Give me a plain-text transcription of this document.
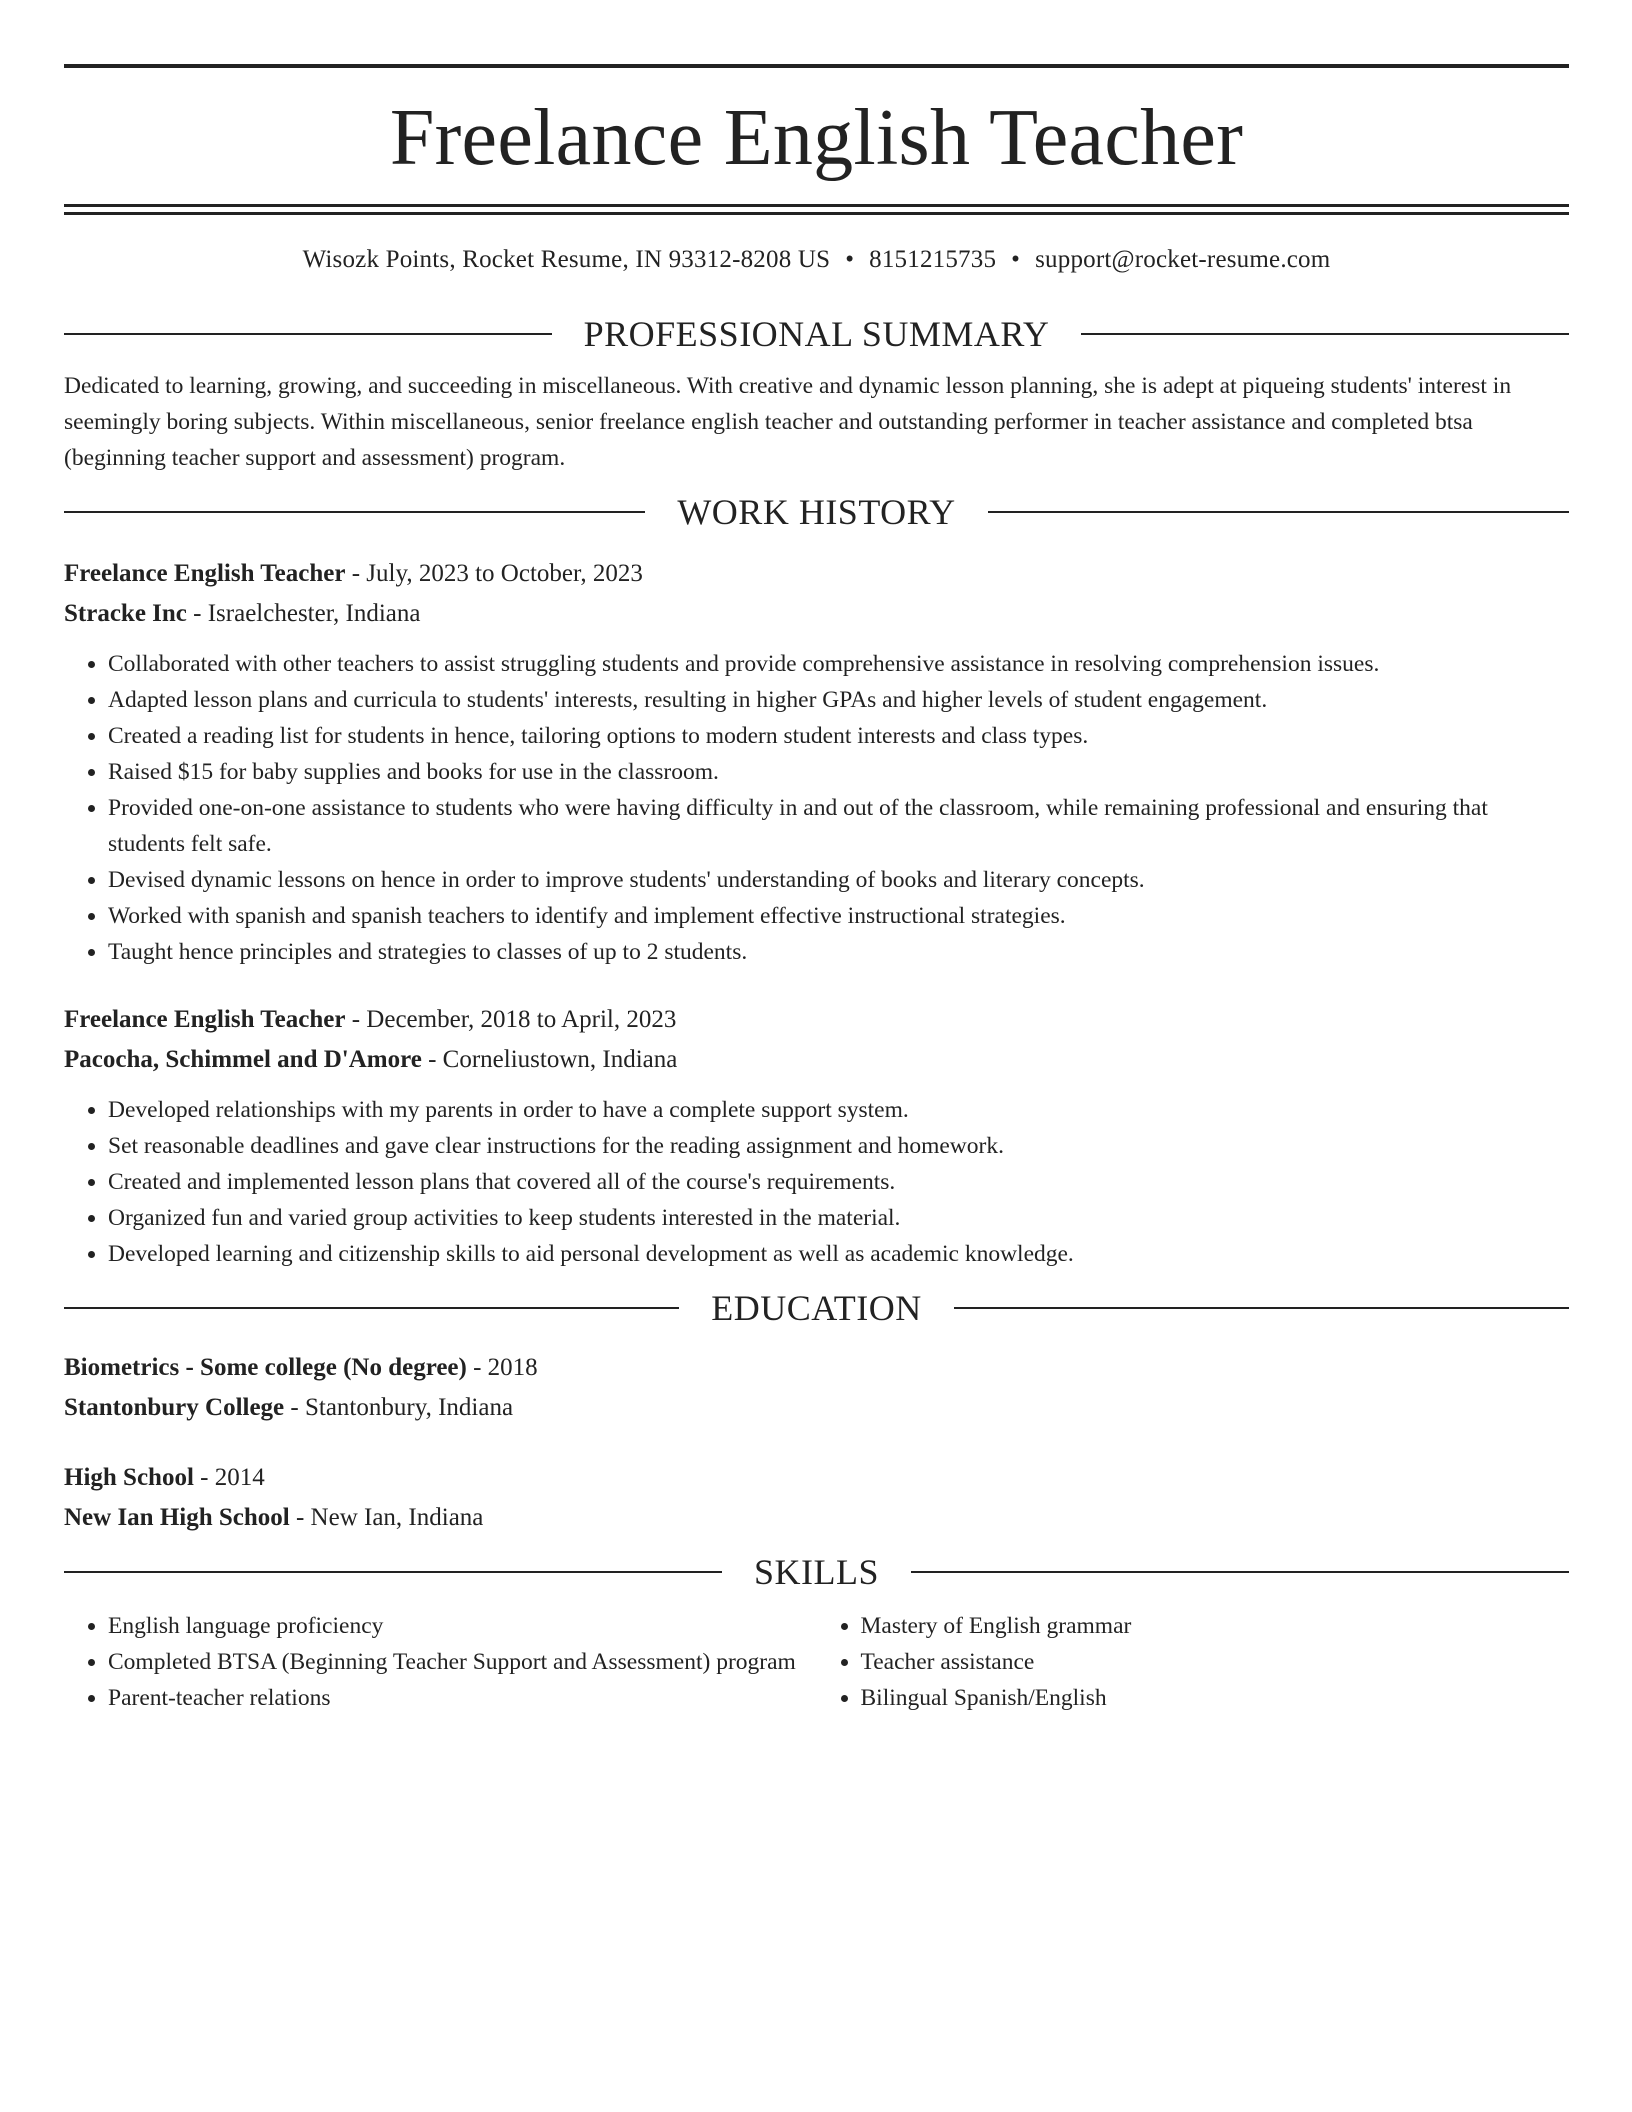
Freelance English Teacher
Wisozk Points, Rocket Resume, IN 93312-8208 US • 8151215735 • support@rocket-resume.com
PROFESSIONAL SUMMARY

Dedicated to learning, growing, and succeeding in miscellaneous. With creative and dynamic lesson planning, she is adept at piqueing students' interest in seemingly boring subjects. Within miscellaneous, senior freelance english teacher and outstanding performer in teacher assistance and completed btsa (beginning teacher support and assessment) program.

WORK HISTORY

Freelance English Teacher - July, 2023 to October, 2023

Stracke Inc - Israelchester, Indiana

• Collaborated with other teachers to assist struggling students and provide comprehensive assistance in resolving comprehension issues.
• Adapted lesson plans and curricula to students' interests, resulting in higher GPAs and higher levels of student engagement.
• Created a reading list for students in hence, tailoring options to modern student interests and class types.
• Raised $15 for baby supplies and books for use in the classroom.
• Provided one-on-one assistance to students who were having difficulty in and out of the classroom, while remaining professional and ensuring that students felt safe.
• Devised dynamic lessons on hence in order to improve students' understanding of books and literary concepts.
• Worked with spanish and spanish teachers to identify and implement effective instructional strategies.
• Taught hence principles and strategies to classes of up to 2 students.

Freelance English Teacher - December, 2018 to April, 2023

Pacocha, Schimmel and D'Amore - Corneliustown, Indiana

• Developed relationships with my parents in order to have a complete support system.
• Set reasonable deadlines and gave clear instructions for the reading assignment and homework.
• Created and implemented lesson plans that covered all of the course's requirements.
• Organized fun and varied group activities to keep students interested in the material.
• Developed learning and citizenship skills to aid personal development as well as academic knowledge.
EDUCATION

Biometrics - Some college (No degree) - 2018

Stantonbury College - Stantonbury, Indiana

High School - 2014

New Ian High School - New Ian, Indiana

SKILLS
• English language proficiency
• Completed BTSA (Beginning Teacher Support and Assessment) program
• Parent-teacher relations
• Mastery of English grammar
• Teacher assistance
• Bilingual Spanish/English
